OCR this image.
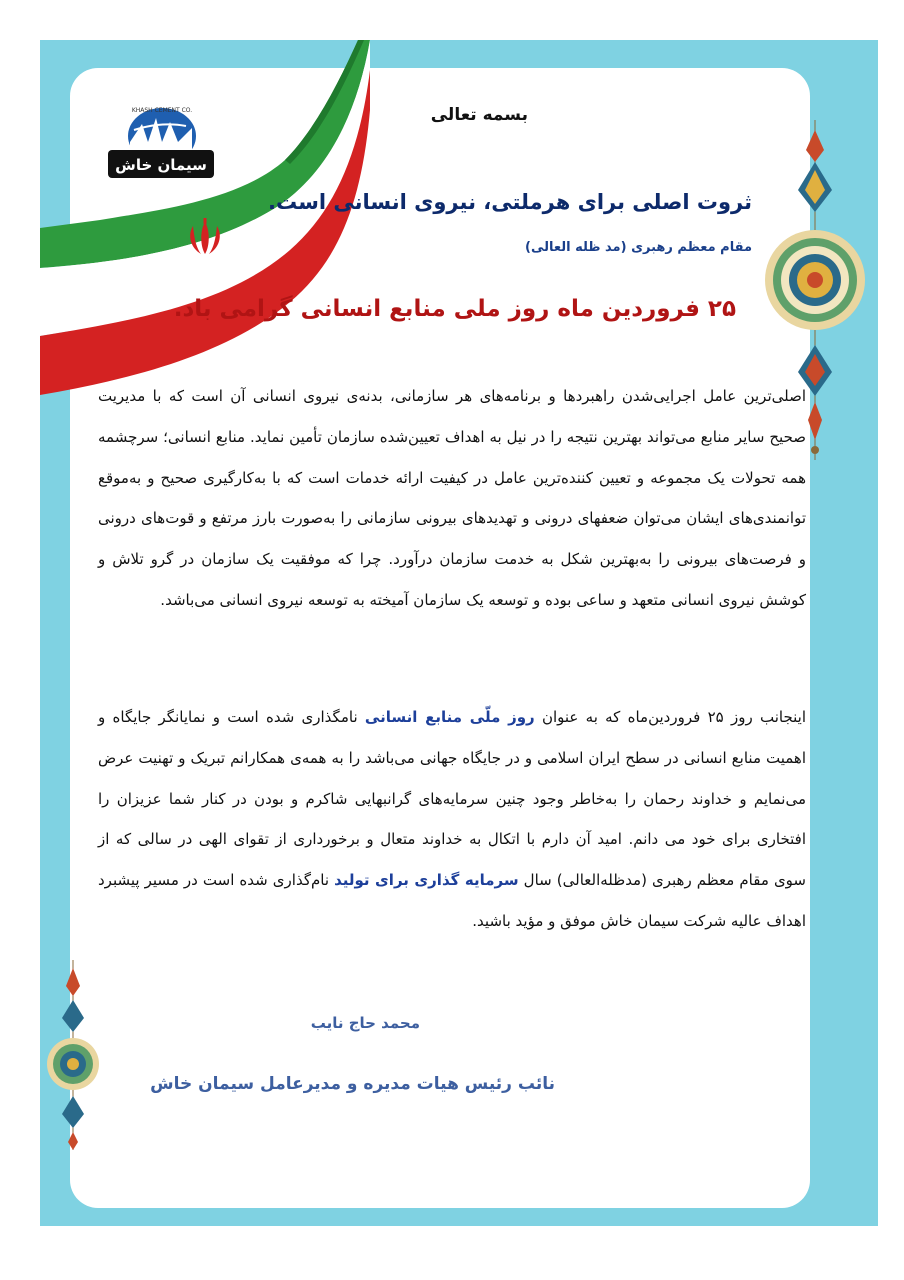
سیمان خاش
KHASH CEMENT CO.	بسمه تعالی
ثروت اصلی برای هرملتی، نیروی انسانی است.
مقام معظم رهبری (مد ظله العالی)
۲۵ فروردین ماه روز ملی منابع انسانی گرامی باد.
اصلی‌ترین عامل اجرایی‌شدن راهبردها و برنامه‌های هر سازمانی، بدنه‌ی نیروی انسانی آن است که با مدیریت صحیح سایر منابع می‌تواند بهترین نتیجه را در نیل به اهداف تعیین‌شده سازمان تأمین نماید. منابع انسانی؛ سرچشمه همه تحولات یک مجموعه و تعیین کننده‌ترین عامل در کیفیت ارائه خدمات است که با به‌کارگیری صحیح و به‌موقع توانمندی‌های ایشان می‌توان ضعفهای درونی و تهدیدهای بیرونی سازمانی را به‌صورت بارز مرتفع و قوت‌های درونی و فرصت‌های بیرونی را به‌بهترین شکل به خدمت سازمان درآورد. چرا که موفقیت یک سازمان در گرو تلاش و کوشش نیروی انسانی متعهد و ساعی بوده و توسعه یک سازمان آمیخته به توسعه نیروی انسانی می‌باشد.
اینجانب روز ۲۵ فروردین‌ماه که به عنوان روز ملّی منابع انسانی نامگذاری شده است و نمایانگر جایگاه و اهمیت منابع انسانی در سطح ایران اسلامی و در جایگاه جهانی می‌باشد را به همه‌ی همکارانم تبریک و تهنیت عرض می‌نمایم و خداوند رحمان را به‌خاطر وجود چنین سرمایه‌های گرانبهایی شاکرم و بودن در کنار شما عزیزان را افتخاری برای خود می دانم. امید آن دارم با اتکال به خداوند متعال و برخورداری از تقوای الهی در سالی که از سوی مقام معظم رهبری (مدظله‌العالی) سال سرمایه گذاری برای تولید نام‌گذاری شده است در مسیر پیشبرد اهداف عالیه شرکت سیمان خاش موفق و مؤید باشید.
محمد حاج نایب
نائب رئیس هیات مدیره و مدیرعامل سیمان خاش
